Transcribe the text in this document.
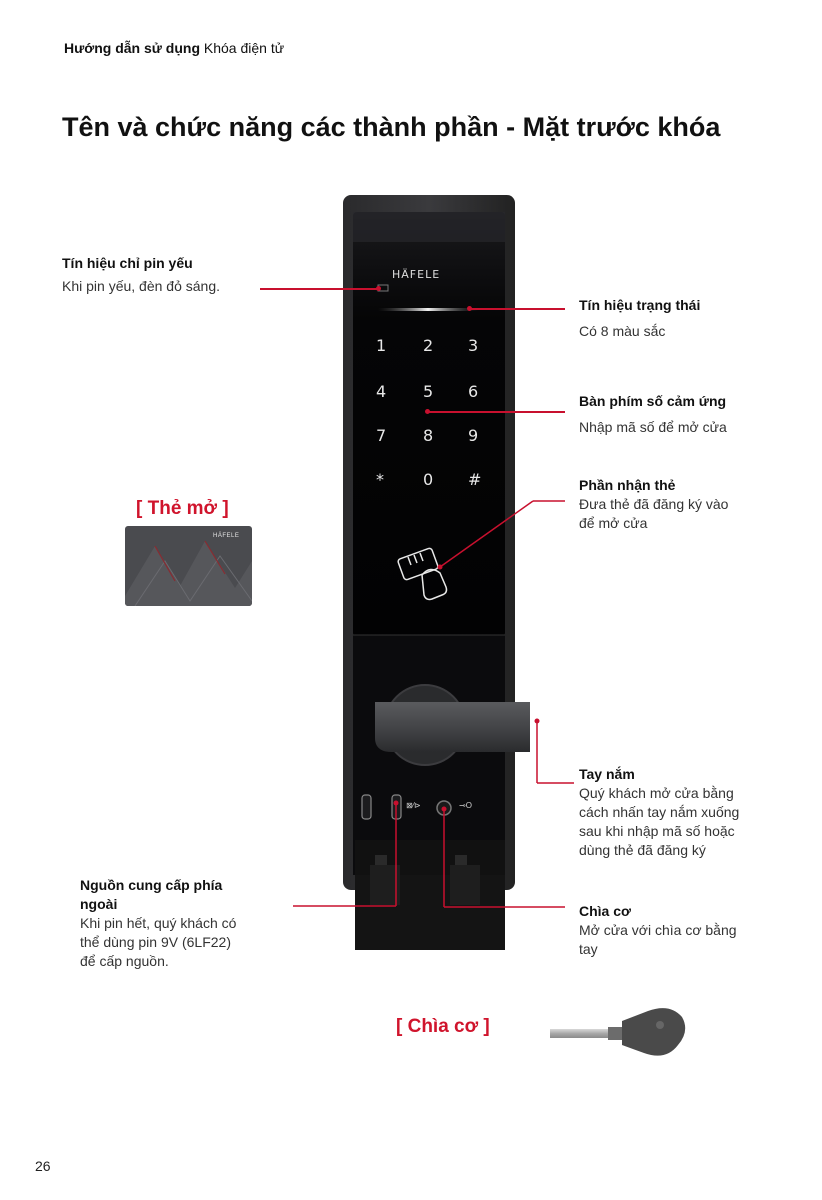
Hướng dẫn sử dụng Khóa điện tử
Tên và chức năng các thành phần - Mặt trước khóa
HÄFELE
1 2 3
4 5 6
7 8 9
* 0 #
⊠⁄⊳	⊸O
Tín hiệu chỉ pin yếu
Khi pin yếu, đèn đỏ sáng.
Nguồn cung cấp phía
ngoài
Khi pin hết, quý khách có
thể dùng pin 9V (6LF22)
để cấp nguồn.
Tín hiệu trạng thái
Có 8 màu sắc
Bàn phím số cảm ứng
Nhập mã số để mở cửa
Phần nhận thẻ
Đưa thẻ đã đăng ký vào
để mở cửa
Tay nắm
Quý khách mở cửa bằng
cách nhấn tay nắm xuống
sau khi nhập mã số hoặc
dùng thẻ đã đăng ký
Chìa cơ
Mở cửa với chìa cơ bằng
tay
[ Thẻ mở ]
HÄFELE
[ Chìa cơ ]
26
